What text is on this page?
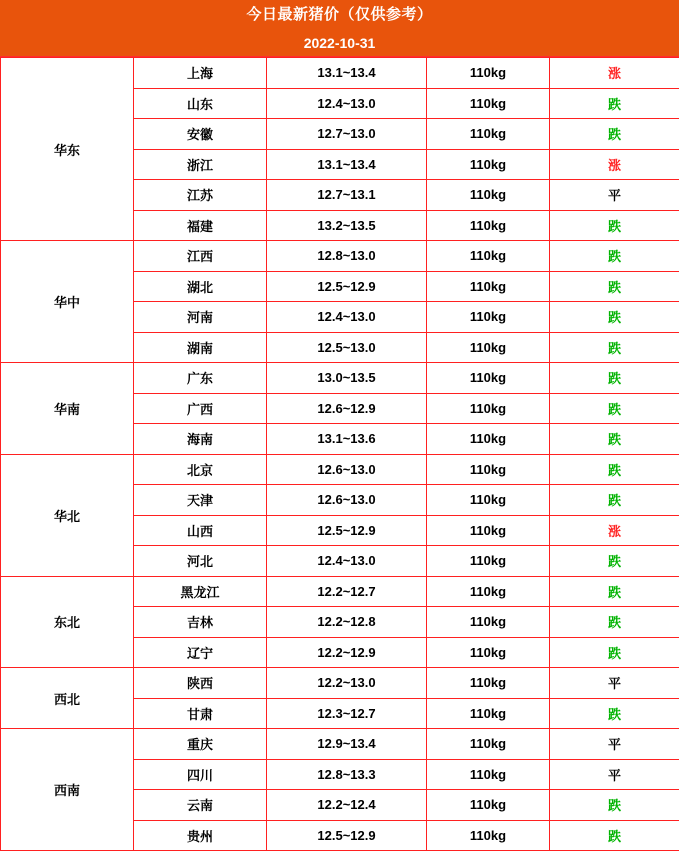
今日最新猪价（仅供参考）
2022-10-31
华东	上海	13.1~13.4	110kg	涨
	山东	12.4~13.0	110kg	跌
	安徽	12.7~13.0	110kg	跌
	浙江	13.1~13.4	110kg	涨
	江苏	12.7~13.1	110kg	平
	福建	13.2~13.5	110kg	跌
华中	江西	12.8~13.0	110kg	跌
	湖北	12.5~12.9	110kg	跌
	河南	12.4~13.0	110kg	跌
	湖南	12.5~13.0	110kg	跌
华南	广东	13.0~13.5	110kg	跌
	广西	12.6~12.9	110kg	跌
	海南	13.1~13.6	110kg	跌
华北	北京	12.6~13.0	110kg	跌
	天津	12.6~13.0	110kg	跌
	山西	12.5~12.9	110kg	涨
	河北	12.4~13.0	110kg	跌
东北	黑龙江	12.2~12.7	110kg	跌
	吉林	12.2~12.8	110kg	跌
	辽宁	12.2~12.9	110kg	跌
西北	陕西	12.2~13.0	110kg	平
	甘肃	12.3~12.7	110kg	跌
西南	重庆	12.9~13.4	110kg	平
	四川	12.8~13.3	110kg	平
	云南	12.2~12.4	110kg	跌
	贵州	12.5~12.9	110kg	跌
